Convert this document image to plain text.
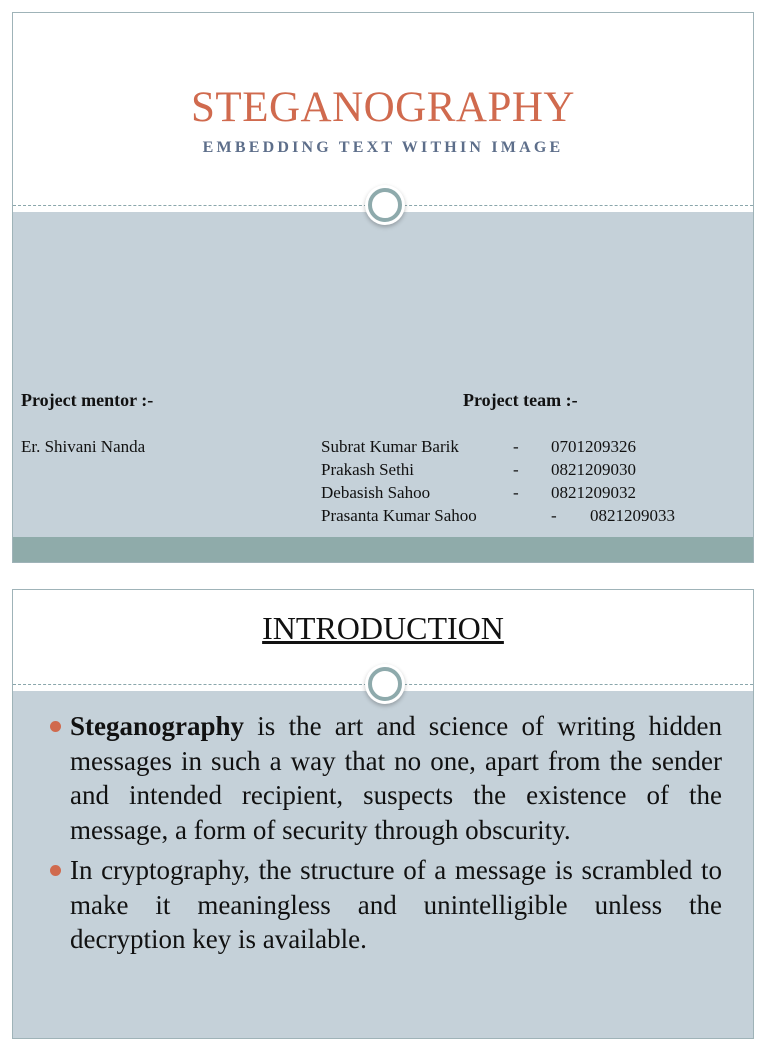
STEGANOGRAPHY
EMBEDDING TEXT WITHIN IMAGE
Project mentor :-
Er. Shivani Nanda
Project team :-
Subrat Kumar Barik	- 0701209326
Prakash Sethi	- 0821209030
Debasish Sahoo	- 0821209032
Prasanta Kumar Sahoo	- 0821209033
INTRODUCTION
Steganography is the art and science of writing hidden messages in such a way that no one, apart from the sender and intended recipient, suspects the existence of the message, a form of security through obscurity.
In cryptography, the structure of a message is scrambled to make it meaningless and unintelligible unless the decryption key is available.
